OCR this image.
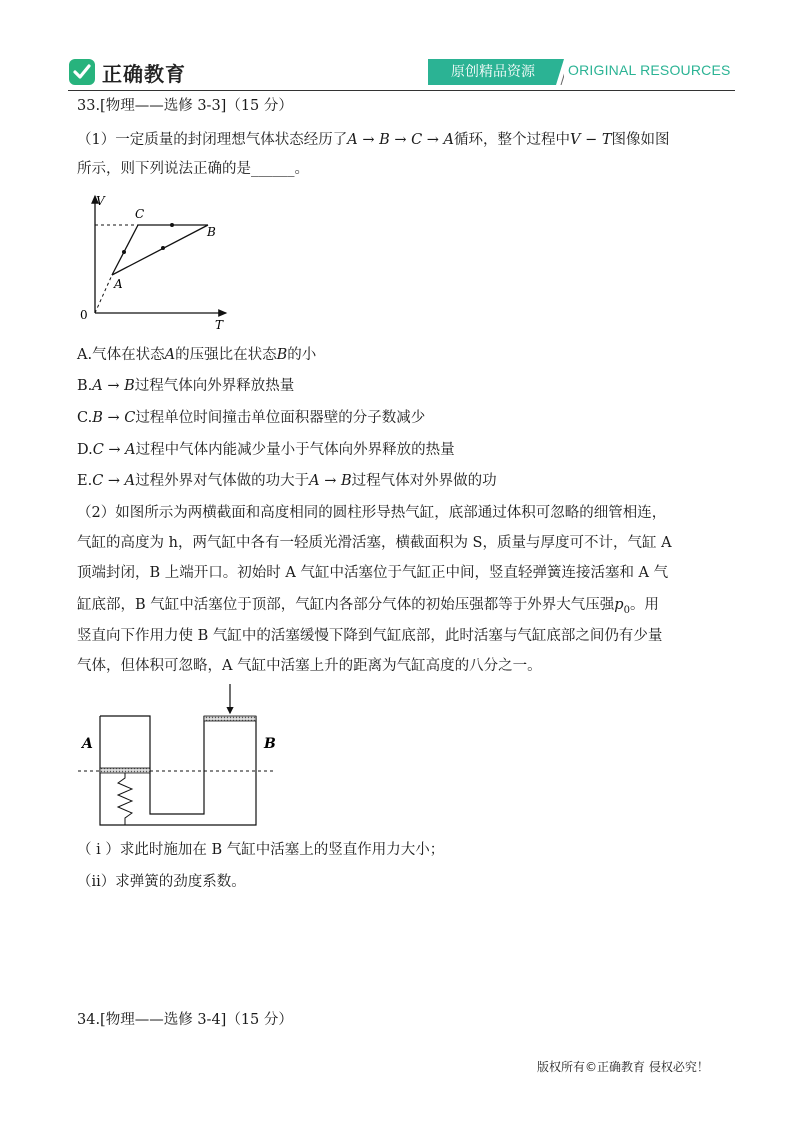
正确教育	原创精品资源	ORIGINAL RESOURCES
33.[物理——选修 3-3]（15 分）
（1）一定质量的封闭理想气体状态经历了A → B → C → A循环，整个过程中V − T图像如图
所示，则下列说法正确的是______。
V
T
0
A
B
C
A.气体在状态A的压强比在状态B的小
B.A → B过程气体向外界释放热量
C.B → C过程单位时间撞击单位面积器壁的分子数减少
D.C → A过程中气体内能减少量小于气体向外界释放的热量
E.C → A过程外界对气体做的功大于A → B过程气体对外界做的功
（2）如图所示为两横截面和高度相同的圆柱形导热气缸，底部通过体积可忽略的细管相连，
气缸的高度为 h，两气缸中各有一轻质光滑活塞，横截面积为 S，质量与厚度可不计，气缸 A
顶端封闭，B 上端开口。初始时 A 气缸中活塞位于气缸正中间，竖直轻弹簧连接活塞和 A 气
缸底部，B 气缸中活塞位于顶部，气缸内各部分气体的初始压强都等于外界大气压强$p_0$。用
竖直向下作用力使 B 气缸中的活塞缓慢下降到气缸底部，此时活塞与气缸底部之间仍有少量
气体，但体积可忽略，A 气缸中活塞上升的距离为气缸高度的八分之一。
A	B
（ i ）求此时施加在 B 气缸中活塞上的竖直作用力大小；
（ii）求弹簧的劲度系数。
34.[物理——选修 3-4]（15 分）
版权所有©正确教育 侵权必究！
